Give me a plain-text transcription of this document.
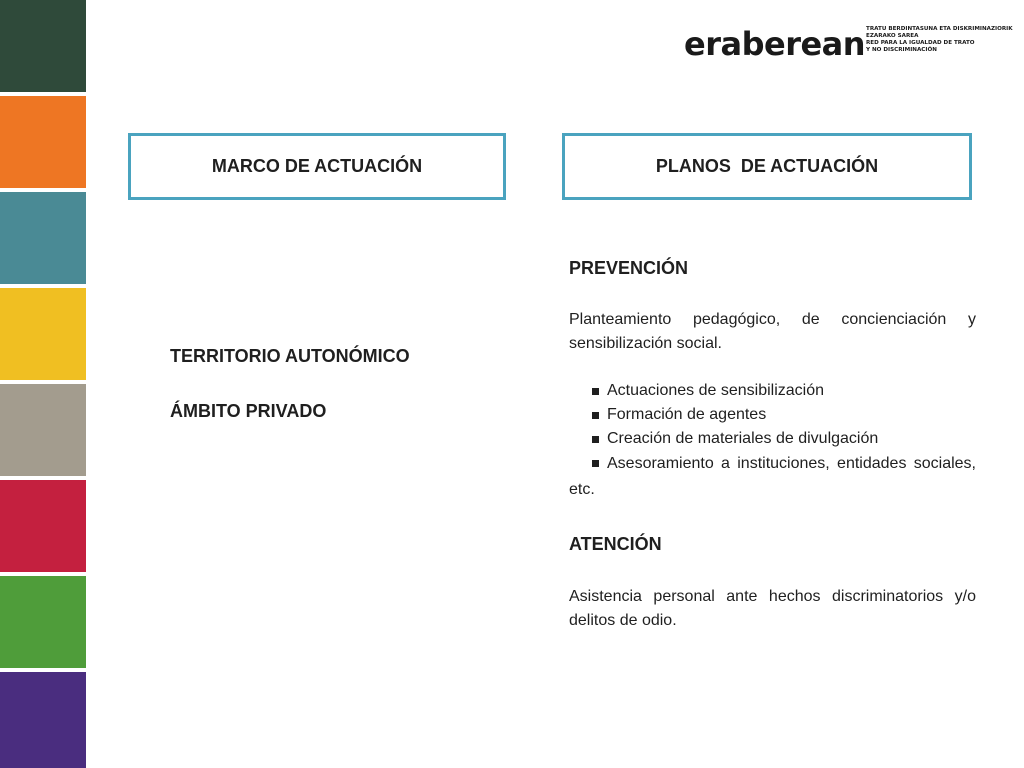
eraberean TRATU BERDINTASUNA ETA DISKRIMINAZIORIK
EZARAKO SAREA
RED PARA LA IGUALDAD DE TRATO
Y NO DISCRIMINACIÓN
MARCO DE ACTUACIÓN	PLANOS  DE ACTUACIÓN
TERRITORIO AUTONÓMICO
ÁMBITO PRIVADO
PREVENCIÓN
Planteamiento pedagógico, de concienciación y sensibilización social.
Actuaciones de sensibilización
Formación de agentes
Creación de materiales de divulgación
Asesoramiento a instituciones, entidades sociales, etc.
ATENCIÓN
Asistencia personal ante hechos discriminatorios y/o delitos de odio.
